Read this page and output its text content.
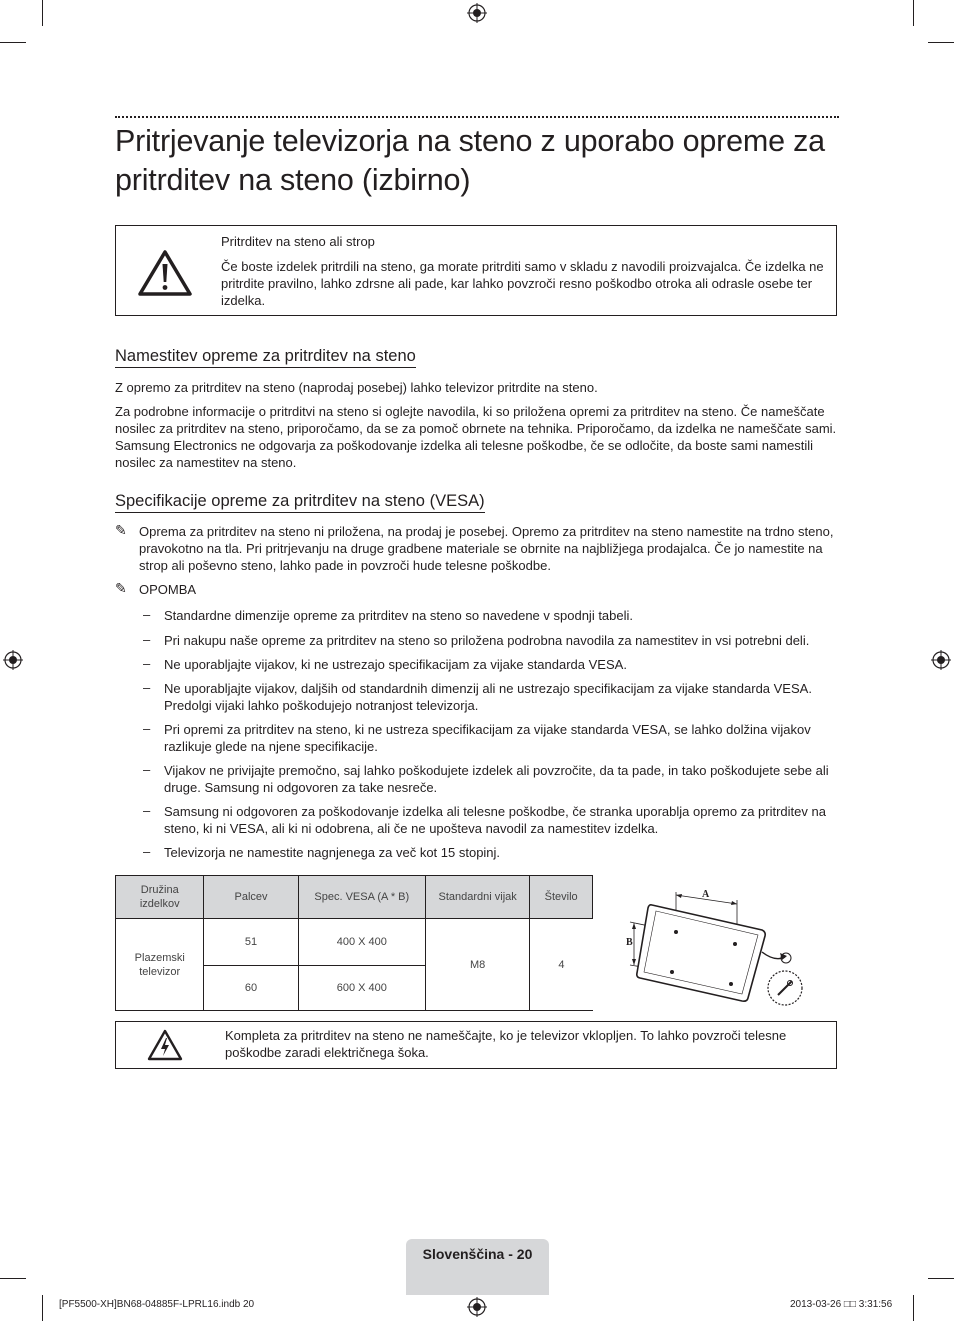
Pritrjevanje televizorja na steno z uporabo opreme za pritrditev na steno (izbirno)
Pritrditev na steno ali strop
Če boste izdelek pritrdili na steno, ga morate pritrditi samo v skladu z navodili proizvajalca. Če izdelka ne pritrdite pravilno, lahko zdrsne ali pade, kar lahko povzroči resno poškodbo otroka ali odrasle osebe ter izdelka.
Namestitev opreme za pritrditev na steno

Z opremo za pritrditev na steno (naprodaj posebej) lahko televizor pritrdite na steno.

Za podrobne informacije o pritrditvi na steno si oglejte navodila, ki so priložena opremi za pritrditev na steno. Če nameščate nosilec za pritrditev na steno, priporočamo, da se za pomoč obrnete na tehnika. Priporočamo, da izdelka ne nameščate sami. Samsung Electronics ne odgovarja za poškodovanje izdelka ali telesne poškodbe, če se odločite, da boste sami namestili nosilec za namestitev na steno.

Specifikacije opreme za pritrditev na steno (VESA)
✎ Oprema za pritrditev na steno ni priložena, na prodaj je posebej. Opremo za pritrditev na steno namestite na trdno steno, pravokotno na tla. Pri pritrjevanju na druge gradbene materiale se obrnite na najbližjega prodajalca. Če jo namestite na strop ali poševno steno, lahko pade in povzroči hude telesne poškodbe.

✎ OPOMBA

– Standardne dimenzije opreme za pritrditev na steno so navedene v spodnji tabeli.
– Pri nakupu naše opreme za pritrditev na steno so priložena podrobna navodila za namestitev in vsi potrebni deli.
– Ne uporabljajte vijakov, ki ne ustrezajo specifikacijam za vijake standarda VESA.
– Ne uporabljajte vijakov, daljših od standardnih dimenzij ali ne ustrezajo specifikacijam za vijake standarda VESA. Predolgi vijaki lahko poškodujejo notranjost televizorja.
– Pri opremi za pritrditev na steno, ki ne ustreza specifikacijam za vijake standarda VESA, se lahko dolžina vijakov razlikuje glede na njene specifikacije.
– Vijakov ne privijajte premočno, saj lahko poškodujete izdelek ali povzročite, da ta pade, in tako poškodujete sebe ali druge. Samsung ni odgovoren za take nesreče.
– Samsung ni odgovoren za poškodovanje izdelka ali telesne poškodbe, če stranka uporablja opremo za pritrditev na steno, ki ni VESA, ali ki ni odobrena, ali če ne upošteva navodil za namestitev izdelka.
– Televizorja ne namestite nagnjenega za več kot 15 stopinj.
Družina izdelkov	Palcev	Spec. VESA (A * B)	Standardni vijak	Število
Plazemski televizor	51	400 X 400	M8	4
	60	600 X 400		
A
B
Kompleta za pritrditev na steno ne nameščajte, ko je televizor vklopljen. To lahko povzroči telesne poškodbe zaradi električnega šoka.
Slovenščina - 20
[PF5500-XH]BN68-04885F-LPRL16.indb 20	2013-03-26 □□ 3:31:56
